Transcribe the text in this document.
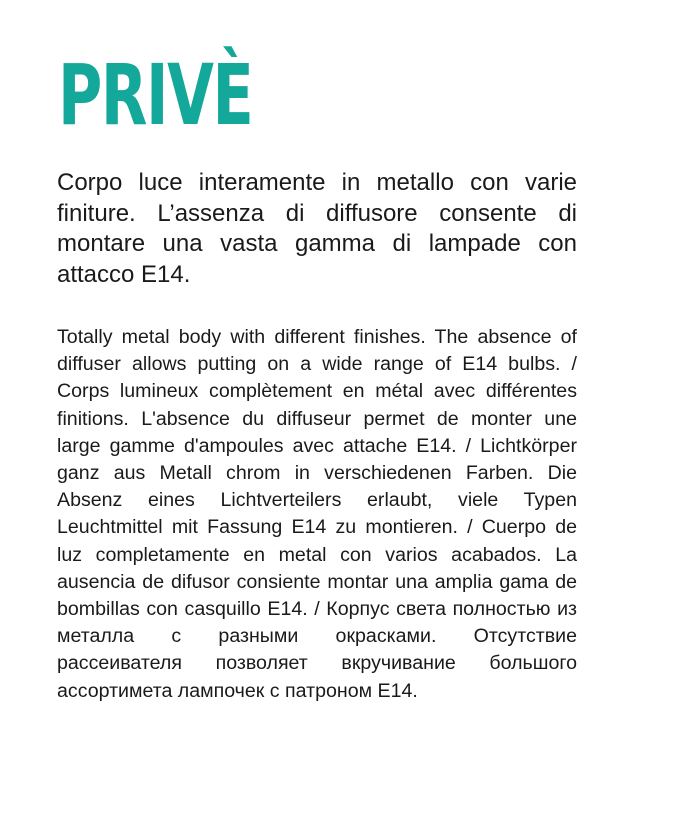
PRIVÈ

Corpo luce interamente in metallo con varie finiture. L’assenza di diffusore consente di montare una vasta gamma di lampade con attacco E14.

Totally metal body with different finishes. The absence of diffuser allows putting on a wide range of E14 bulbs. / Corps lumineux complètement en métal avec différentes finitions. L'absence du diffuseur permet de monter une large gamme d'ampoules avec attache E14. / Lichtkörper ganz aus Metall chrom in verschiedenen Farben. Die Absenz eines Lichtverteilers erlaubt, viele Typen Leuchtmittel mit Fassung E14 zu montieren. / Cuerpo de luz completamente en metal con varios acabados. La ausencia de difusor consiente montar una amplia gama de bombillas con casquillo E14. / Корпус света полностью из металла с разными окрасками. Отсутствие рассеивателя позволяет вкручивание большого ассортимета лампочек с патроном E14.
